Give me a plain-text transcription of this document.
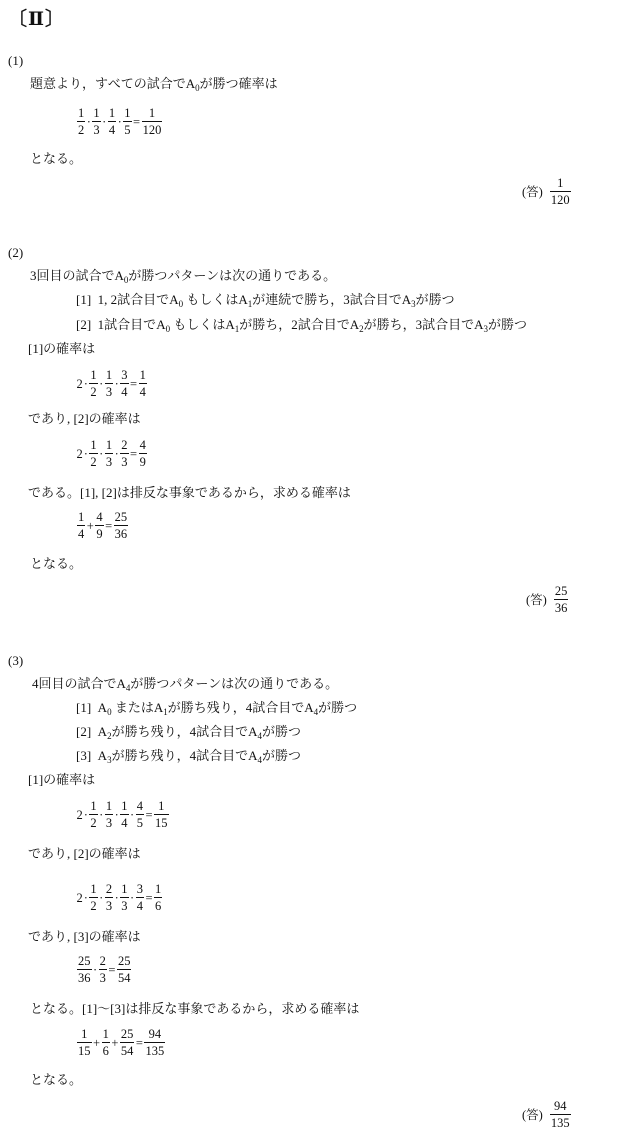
〔Ⅱ〕
(1)
題意より，すべての試合で$A_0$が勝つ確率は
$\frac{1}{2} \cdot \frac{1}{3} \cdot \frac{1}{4} \cdot \frac{1}{5} = \frac{1}{120}$
となる。
(答) $\frac{1}{120}$
(2)
3回目の試合で$A_0$が勝つパターンは次の通りである。
[1] 1, 2試合目で$A_0$ もしくは$A_1$が連続で勝ち，3試合目で$A_3$が勝つ
[2] 1試合目で$A_0$ もしくは$A_1$が勝ち，2試合目で$A_2$が勝ち，3試合目で$A_3$が勝つ
[1]の確率は
$2\cdot \frac{1}{2} \cdot \frac{1}{3} \cdot \frac{3}{4} = \frac{1}{4}$
であり, [2]の確率は
$2\cdot \frac{1}{2} \cdot \frac{1}{3} \cdot \frac{2}{3} = \frac{4}{9}$
である。[1], [2]は排反な事象であるから，求める確率は
$\frac{1}{4} + \frac{4}{9} = \frac{25}{36}$
となる。
(答) $\frac{25}{36}$
(3)
4回目の試合で$A_4$が勝つパターンは次の通りである。
[1] $A_0$ または$A_1$が勝ち残り，4試合目で$A_4$が勝つ
[2] $A_2$が勝ち残り，4試合目で$A_4$が勝つ
[3] $A_3$が勝ち残り，4試合目で$A_4$が勝つ
[1]の確率は
$2\cdot \frac{1}{2} \cdot \frac{1}{3} \cdot \frac{1}{4} \cdot \frac{4}{5} = \frac{1}{15}$
であり, [2]の確率は
$2\cdot \frac{1}{2} \cdot \frac{2}{3} \cdot \frac{1}{3} \cdot \frac{3}{4} = \frac{1}{6}$
であり, [3]の確率は
$\frac{25}{36} \cdot \frac{2}{3} = \frac{25}{54}$
となる。[1]〜[3]は排反な事象であるから，求める確率は
$\frac{1}{15} + \frac{1}{6} + \frac{25}{54} = \frac{94}{135}$
となる。
(答) $\frac{94}{135}$
